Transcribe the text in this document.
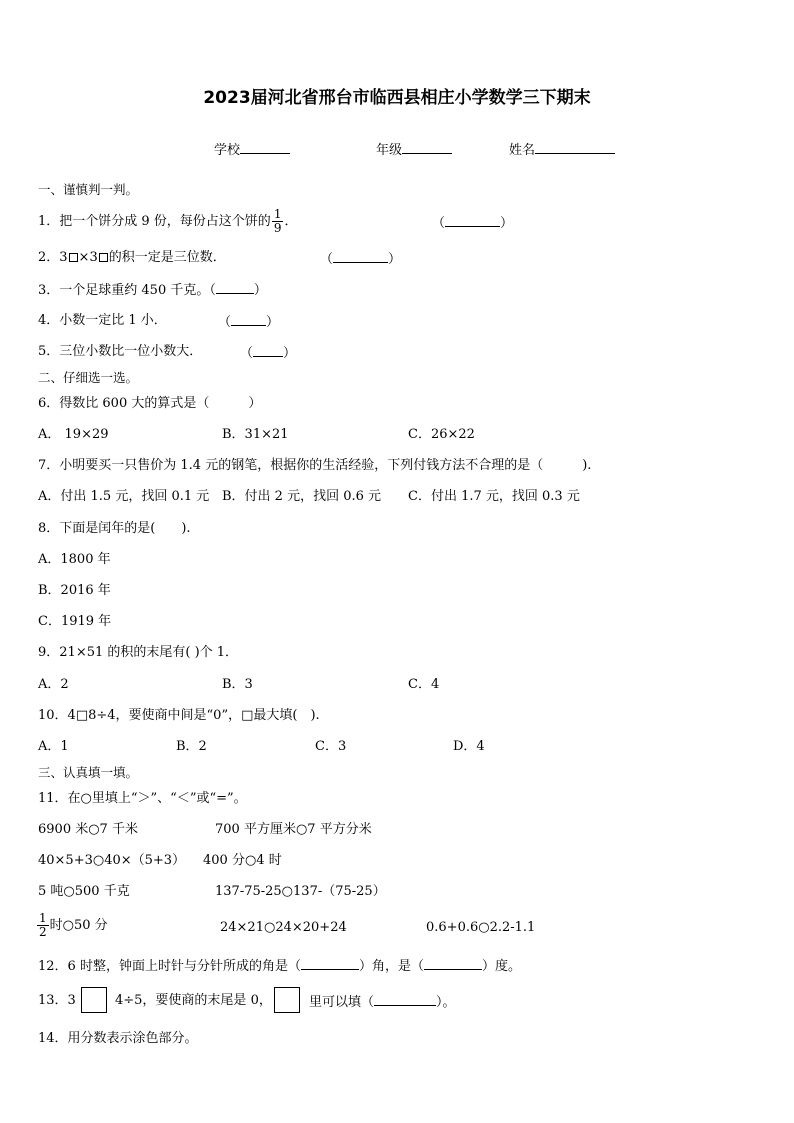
2023届河北省邢台市临西县相庄小学数学三下期末
学校	年级	姓名
一、谨慎判一判。
1．把一个饼分成 9 份，每份占这个饼的 $\frac{1}{9}$ ．	（	）
2．3 ×3 的积一定是三位数．	（	）
3．一个足球重约 450 千克。（	）
4．小数一定比 1 小．	（	）
5．三位小数比一位小数大．	（ ）
二、仔细选一选。
6．得数比 600 大的算式是（　　　）
A． 19×29	B．31×21	C．26×22
7．小明要买一只售价为 1.4 元的钢笔，根据你的生活经验，下列付钱方法不合理的是（　　　).
A．付出 1.5 元，找回 0.1 元 B．付出 2 元，找回 0.6 元 C．付出 1.7 元，找回 0.3 元
8．下面是闰年的是(　　).
A．1800 年
B．2016 年
C．1919 年
9．21×51 的积的末尾有( )个 1．
A．2	B．3	C．4
10．4□8÷4，要使商中间是“0”，□最大填(　).
A．1	B．2	C．3	D．4
三、认真填一填。
11．在○里填上“＞”、“＜”或“=”。
6900 米○7 千米	700 平方厘米○7 平方分米
40×5+3○40×（5+3） 400 分○4 时
5 吨○500 千克	137-75-25○137-（75-25）
$\frac{1}{2}$ 时○50 分	24×21○24×20+24	0.6+0.6○2.2-1.1
12．6 时整，钟面上时针与分针所成的角是（	）角，是（	）度。
13．3	4÷5，要使商的末尾是 0，	里可以填（	）。
14．用分数表示涂色部分。
